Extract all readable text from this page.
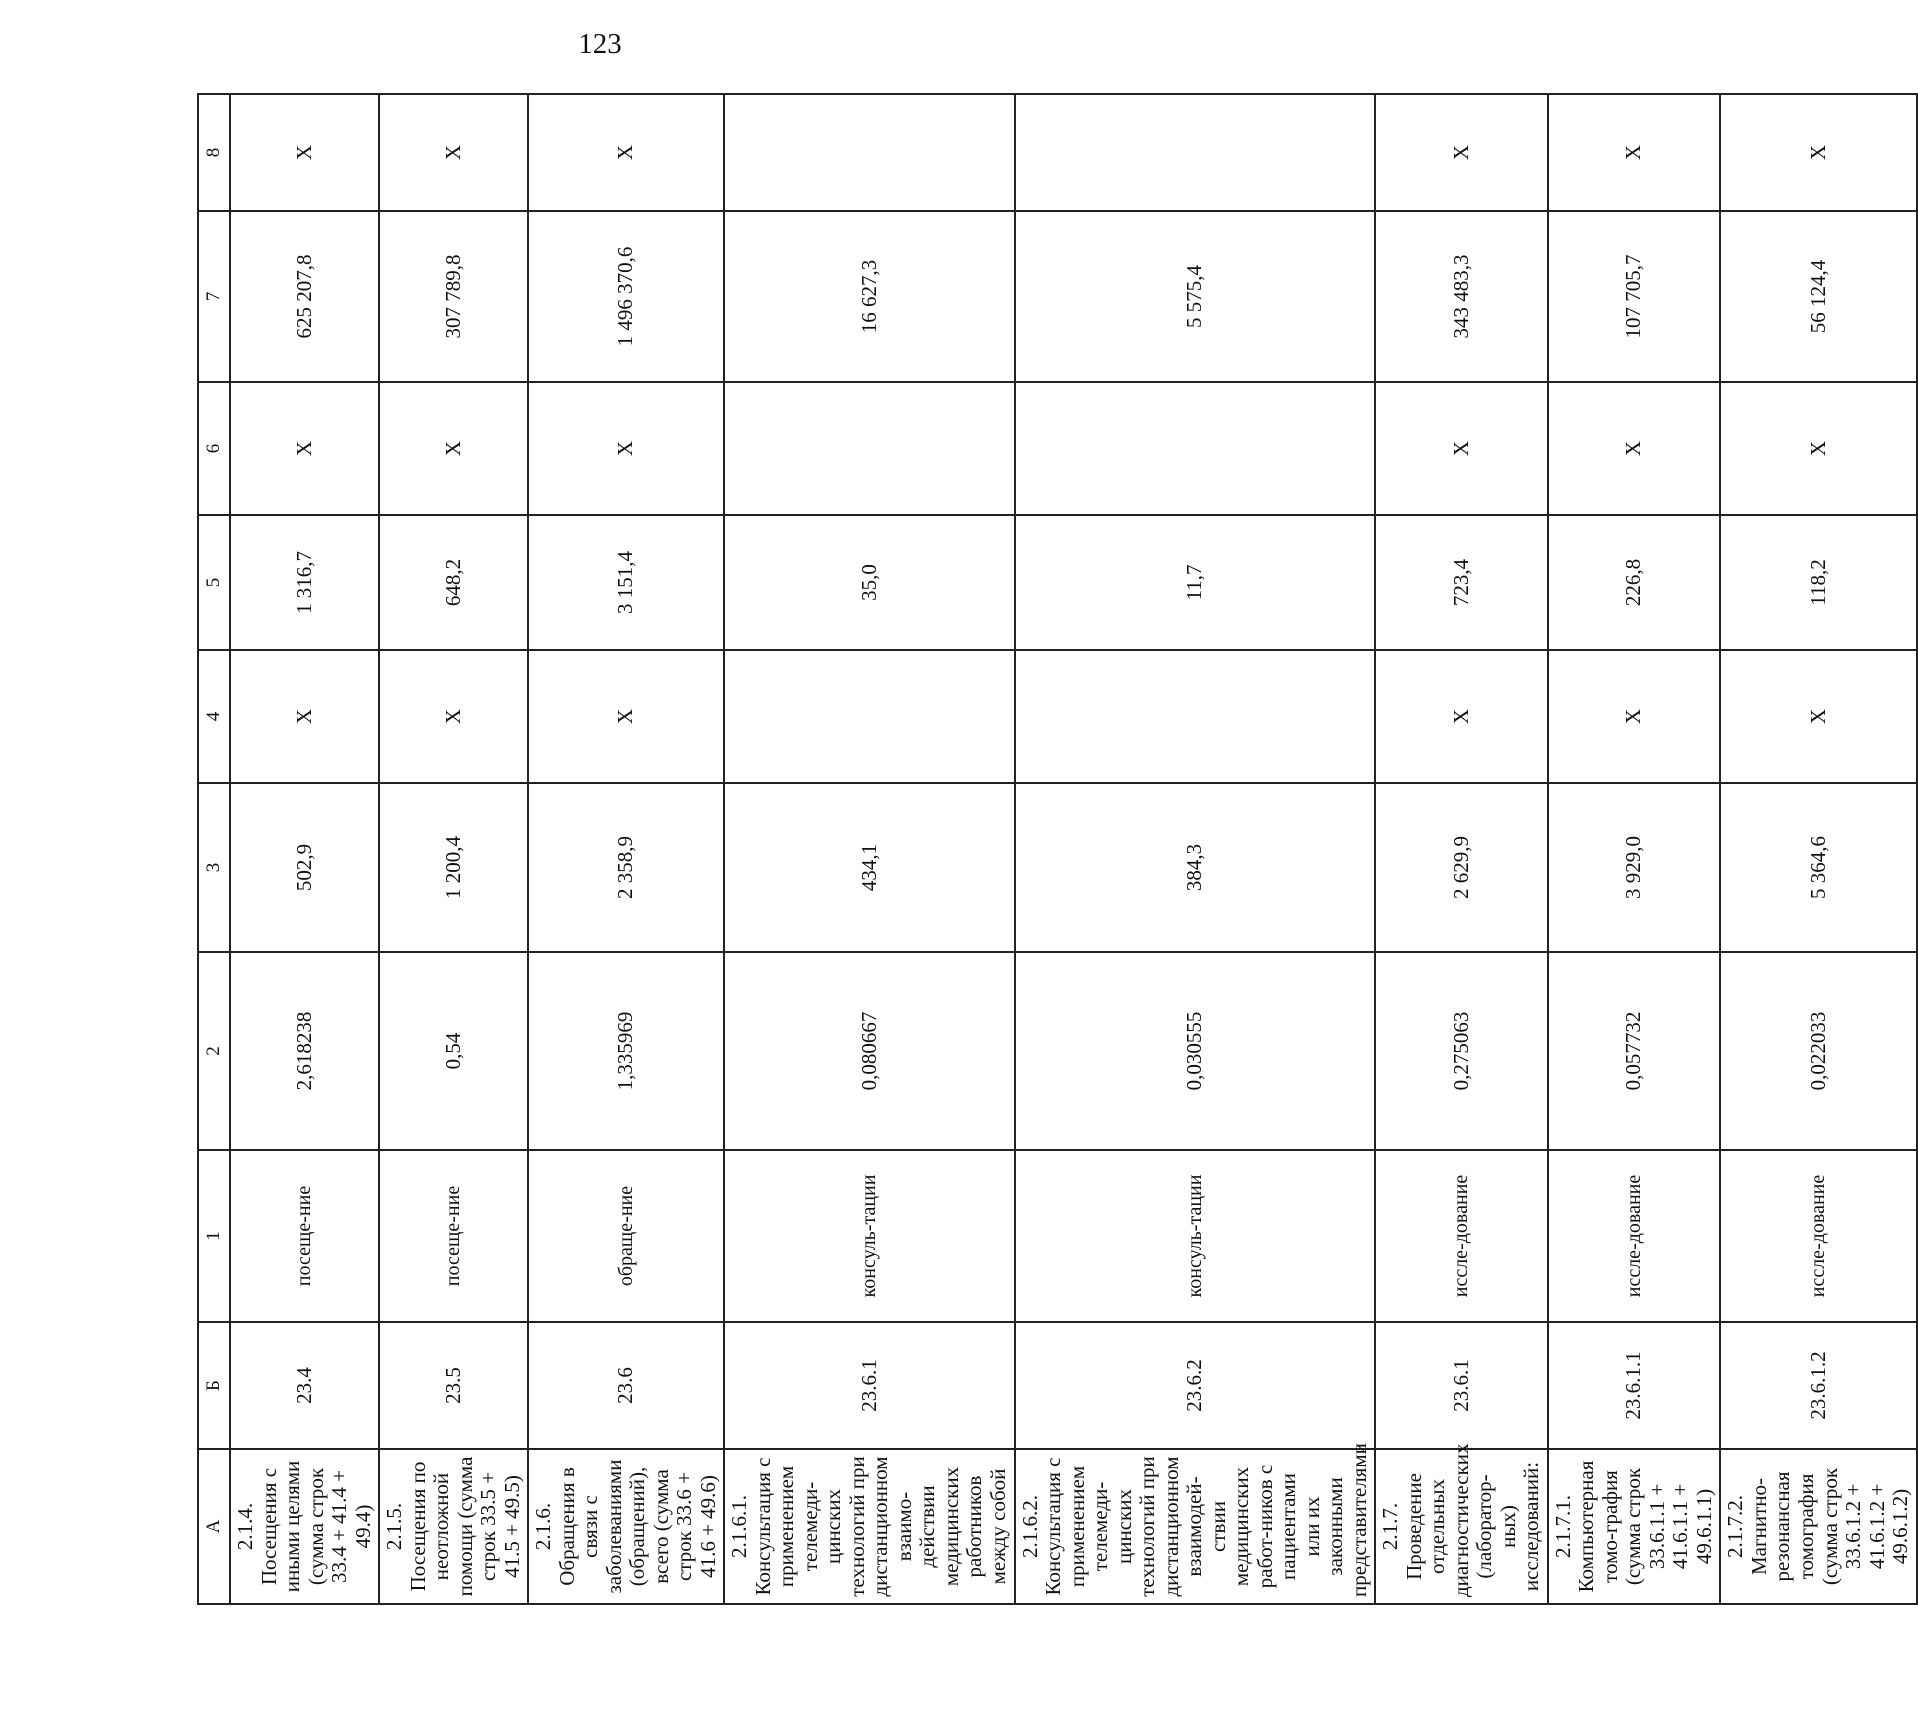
123
А	Б	1	2	3	4	5	6	7	8
2.1.4. Посещения с иными целями (сумма строк 33.4 + 41.4 + 49.4)	23.4	посеще-ние	2,618238	502,9	X	1 316,7	X	625 207,8	X
2.1.5. Посещения по неотложной помощи (сумма строк 33.5 + 41.5 + 49.5)	23.5	посеще-ние	0,54	1 200,4	X	648,2	X	307 789,8	X
2.1.6. Обращения в связи с заболеваниями (обращений), всего (сумма строк 33.6 + 41.6 + 49.6)	23.6	обраще-ние	1,335969	2 358,9	X	3 151,4	X	1 496 370,6	X
2.1.6.1. Консультация с применением телемеди-цинских технологий при дистанционном взаимо-действии медицинских работников между собой	23.6.1	консуль-тации	0,080667	434,1		35,0		16 627,3	
2.1.6.2. Консультация с применением телемеди-цинских технологий при дистанционном взаимодей-ствии медицинских работ-ников с пациентами или их законными представителями	23.6.2	консуль-тации	0,030555	384,3		11,7		5 575,4	
2.1.7. Проведение отдельных диагностических (лаборатор-ных) исследований:	23.6.1	иссле-дование	0,275063	2 629,9	X	723,4	X	343 483,3	X
2.1.7.1. Компьютерная томо-графия (сумма строк 33.6.1.1 + 41.6.1.1 + 49.6.1.1)	23.6.1.1	иссле-дование	0,057732	3 929,0	X	226,8	X	107 705,7	X
2.1.7.2. Магнитно-резонансная томография (сумма строк 33.6.1.2 + 41.6.1.2 + 49.6.1.2)	23.6.1.2	иссле-дование	0,022033	5 364,6	X	118,2	X	56 124,4	X
